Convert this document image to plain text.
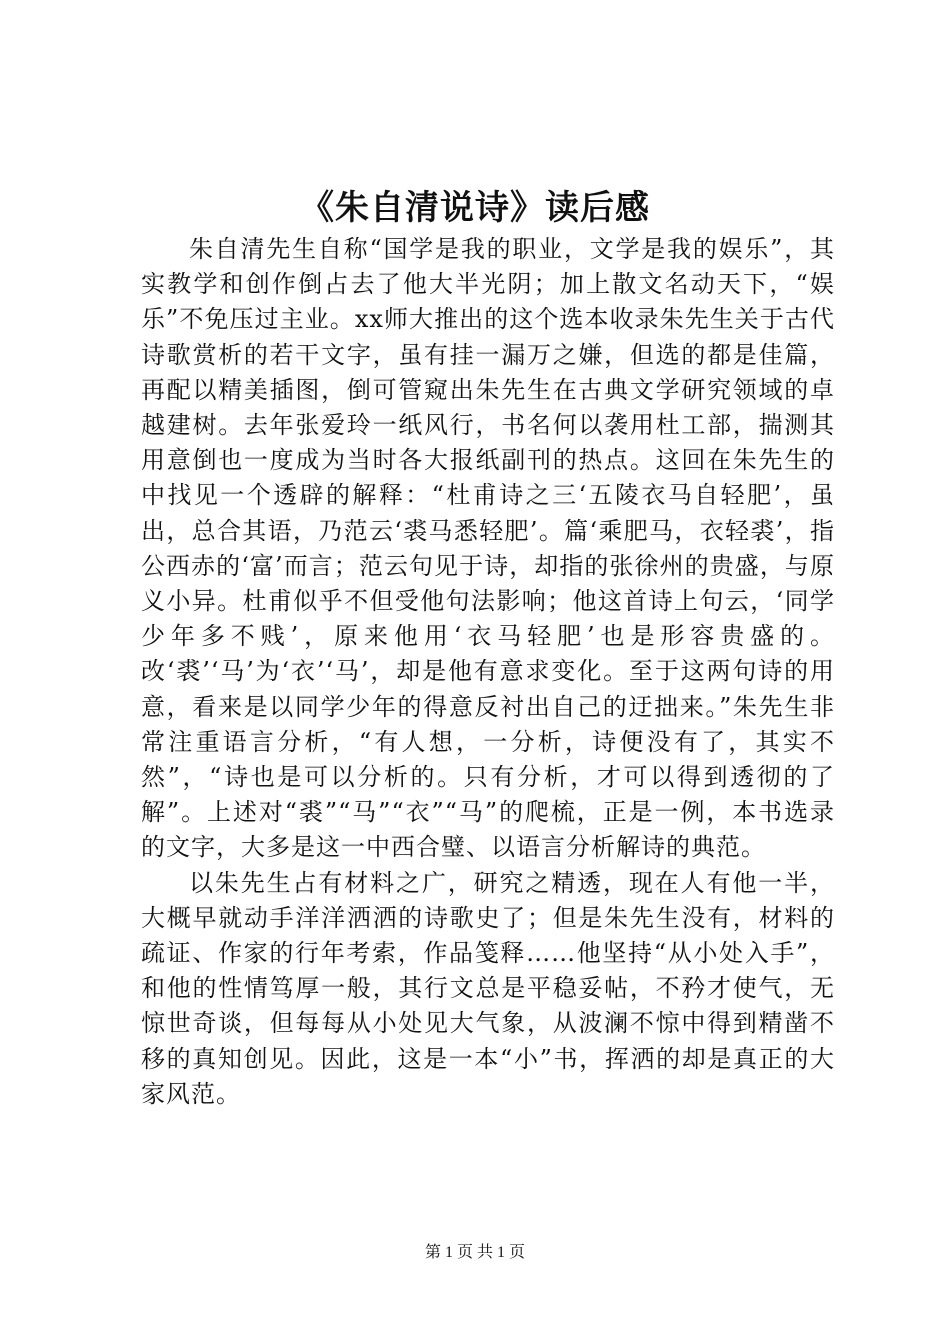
《朱自清说诗》读后感

朱自清先生自称“国学是我的职业，文学是我的娱乐”，其实教学和创作倒占去了他大半光阴；加上散文名动天下，“娱乐”不免压过主业。xx师大推出的这个选本收录朱先生关于古代诗歌赏析的若干文字，虽有挂一漏万之嫌，但选的都是佳篇，再配以精美插图，倒可管窥出朱先生在古典文学研究领域的卓越建树。去年张爱玲一纸风行，书名何以袭用杜工部，揣测其用意倒也一度成为当时各大报纸副刊的热点。这回在朱先生的中找见一个透辟的解释：“杜甫诗之三‘五陵衣马自轻肥’，虽出，总合其语，乃范云‘裘马悉轻肥’。篇‘乘肥马，衣轻裘’，指公西赤的‘富’而言；范云句见于诗，却指的张徐州的贵盛，与原义小异。杜甫似乎不但受他句法影响；他这首诗上句云，‘同学少年多不贱’，原来他用‘衣马轻肥’也是形容贵盛的。改‘裘’‘马’为‘衣’‘马’，却是他有意求变化。至于这两句诗的用意，看来是以同学少年的得意反衬出自己的迂拙来。”朱先生非常注重语言分析，“有人想，一分析，诗便没有了，其实不然”，“诗也是可以分析的。只有分析，才可以得到透彻的了解”。上述对“裘”“马”“衣”“马”的爬梳，正是一例，本书选录的文字，大多是这一中西合璧、以语言分析解诗的典范。

以朱先生占有材料之广，研究之精透，现在人有他一半，大概早就动手洋洋洒洒的诗歌史了；但是朱先生没有，材料的疏证、作家的行年考索，作品笺释……他坚持“从小处入手”，和他的性情笃厚一般，其行文总是平稳妥帖，不矜才使气，无惊世奇谈，但每每从小处见大气象，从波澜不惊中得到精凿不移的真知创见。因此，这是一本“小”书，挥洒的却是真正的大家风范。

第 1 页 共 1 页
